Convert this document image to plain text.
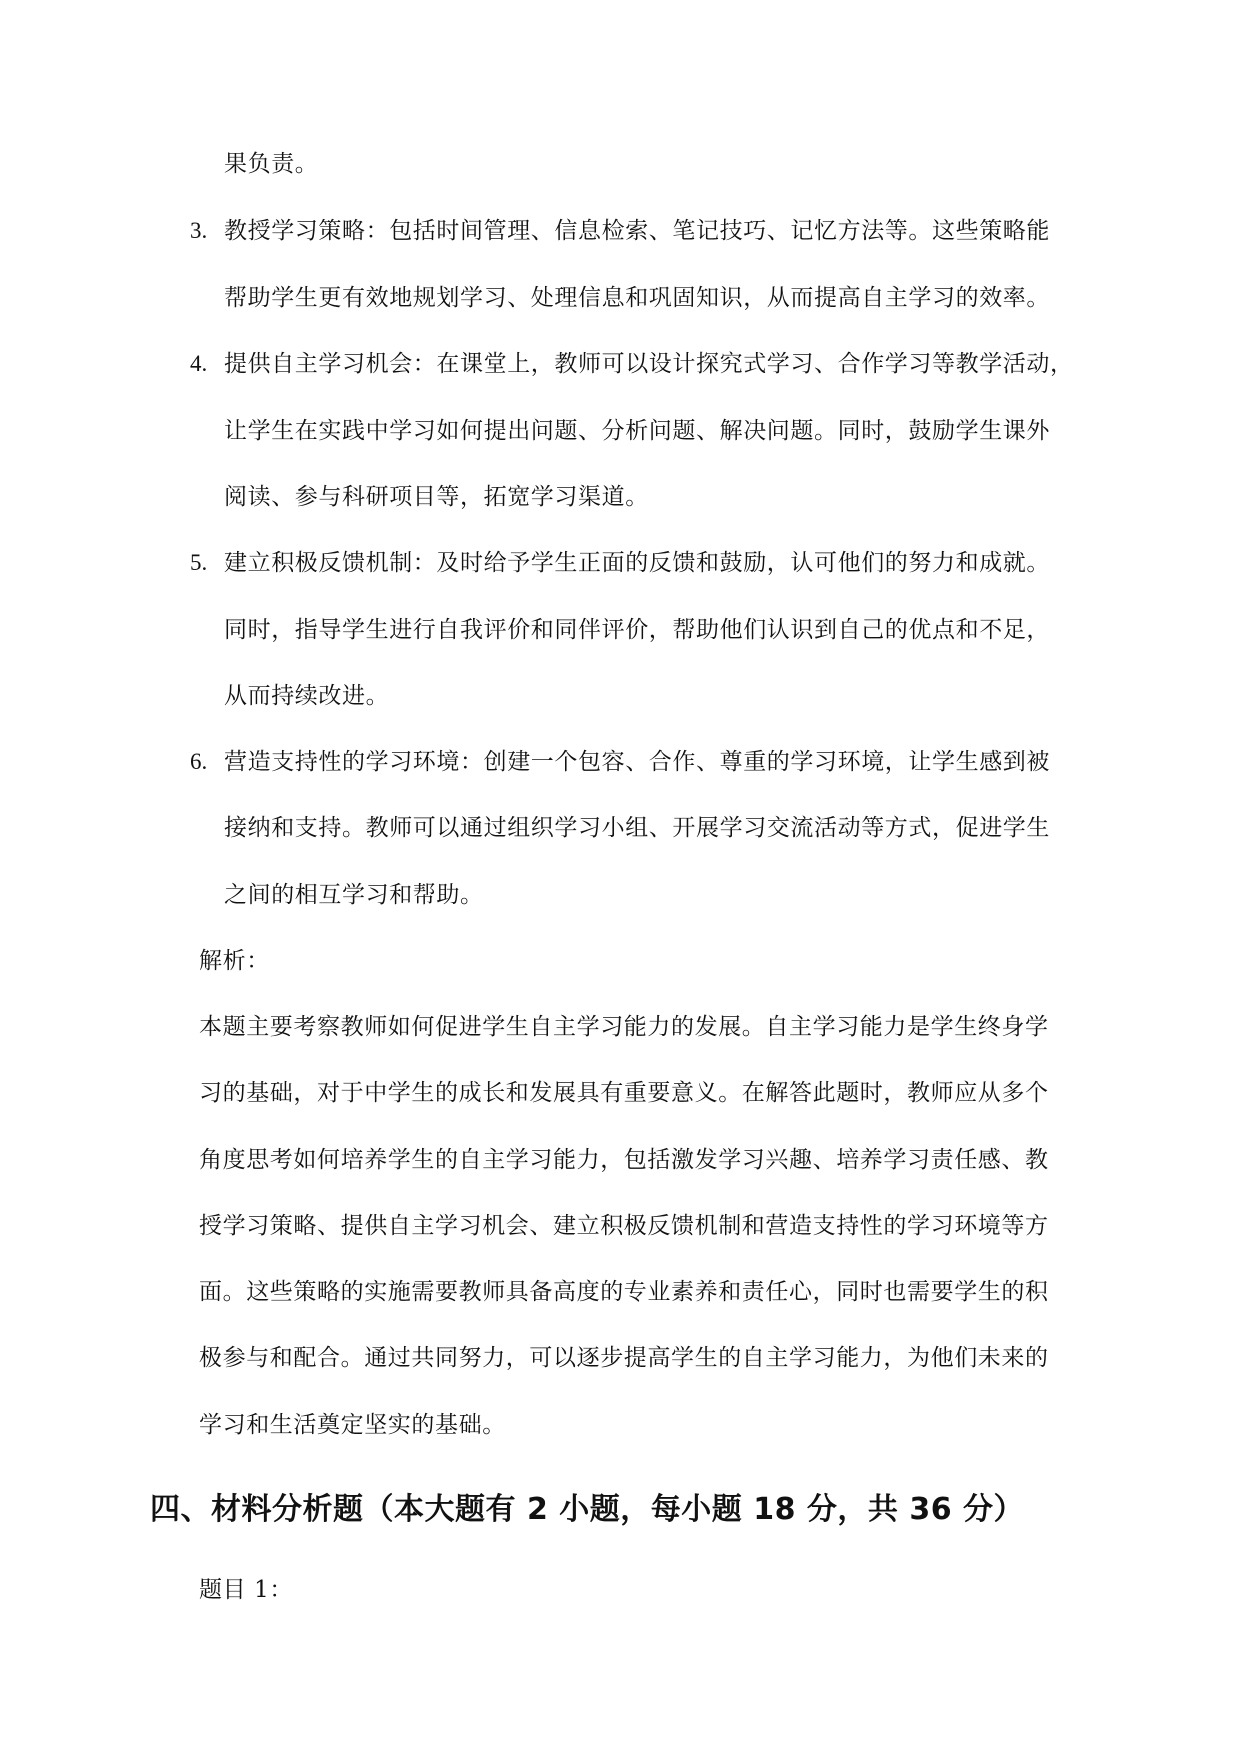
果负责。
3. 教授学习策略：包括时间管理、信息检索、笔记技巧、记忆方法等。这些策略能
帮助学生更有效地规划学习、处理信息和巩固知识，从而提高自主学习的效率。
4. 提供自主学习机会：在课堂上，教师可以设计探究式学习、合作学习等教学活动，
让学生在实践中学习如何提出问题、分析问题、解决问题。同时，鼓励学生课外
阅读、参与科研项目等，拓宽学习渠道。
5. 建立积极反馈机制：及时给予学生正面的反馈和鼓励，认可他们的努力和成就。
同时，指导学生进行自我评价和同伴评价，帮助他们认识到自己的优点和不足，
从而持续改进。
6. 营造支持性的学习环境：创建一个包容、合作、尊重的学习环境，让学生感到被
接纳和支持。教师可以通过组织学习小组、开展学习交流活动等方式，促进学生
之间的相互学习和帮助。
解析：
本题主要考察教师如何促进学生自主学习能力的发展。自主学习能力是学生终身学
习的基础，对于中学生的成长和发展具有重要意义。在解答此题时，教师应从多个
角度思考如何培养学生的自主学习能力，包括激发学习兴趣、培养学习责任感、教
授学习策略、提供自主学习机会、建立积极反馈机制和营造支持性的学习环境等方
面。这些策略的实施需要教师具备高度的专业素养和责任心，同时也需要学生的积
极参与和配合。通过共同努力，可以逐步提高学生的自主学习能力，为他们未来的
学习和生活奠定坚实的基础。
四、材料分析题（本大题有 2 小题，每小题 18 分，共 36 分）
题目 1：
